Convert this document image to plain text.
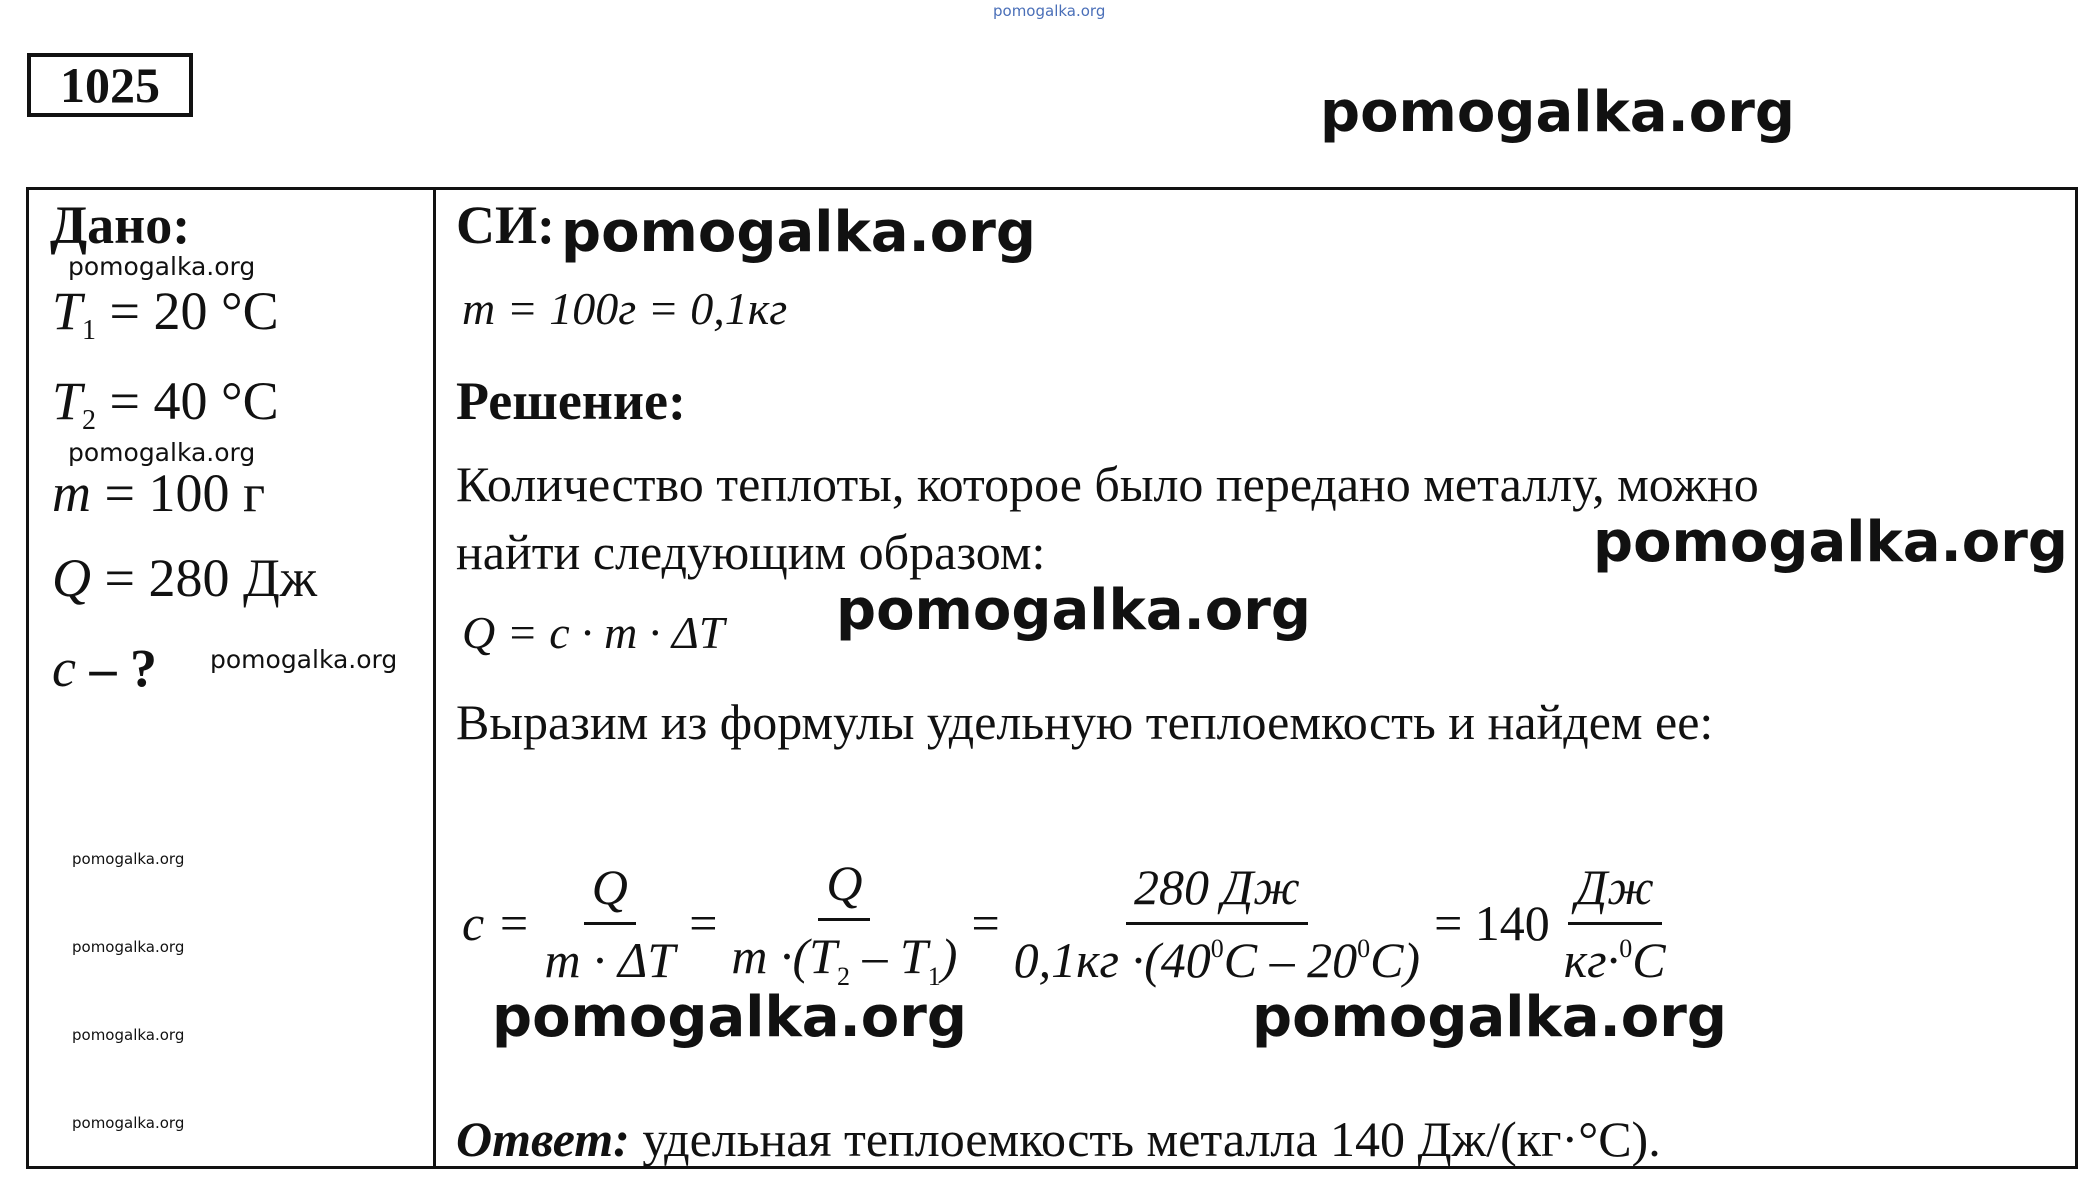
pomogalka.org
1025	pomogalka.org
Дано:
pomogalka.org
$T_1 = 20$ °C
$T_2 = 40$ °C
pomogalka.org
m = 100 г
Q = 280 Дж
c – ? pomogalka.org
pomogalka.org
pomogalka.org
pomogalka.org
pomogalka.org
СИ: pomogalka.org
m = 100г = 0,1кг
Решение:
Количество теплоты, которое было передано металлу, можно
найти следующим образом:	pomogalka.org
Q = c · m · ΔT pomogalka.org
Выразим из формулы удельную теплоемкость и найдем ее:
$c = \frac{Q}{m \cdot \Delta T} = \frac{Q}{m \cdot(T_2 - T_1)} = \frac{280 Дж}{0,1кг \cdot(40^0C - 20^0C)} = 140 \frac{Дж}{кг\cdot^0C}$
pomogalka.org	pomogalka.org
Ответ: удельная теплоемкость металла 140 Дж/(кг·°С).
